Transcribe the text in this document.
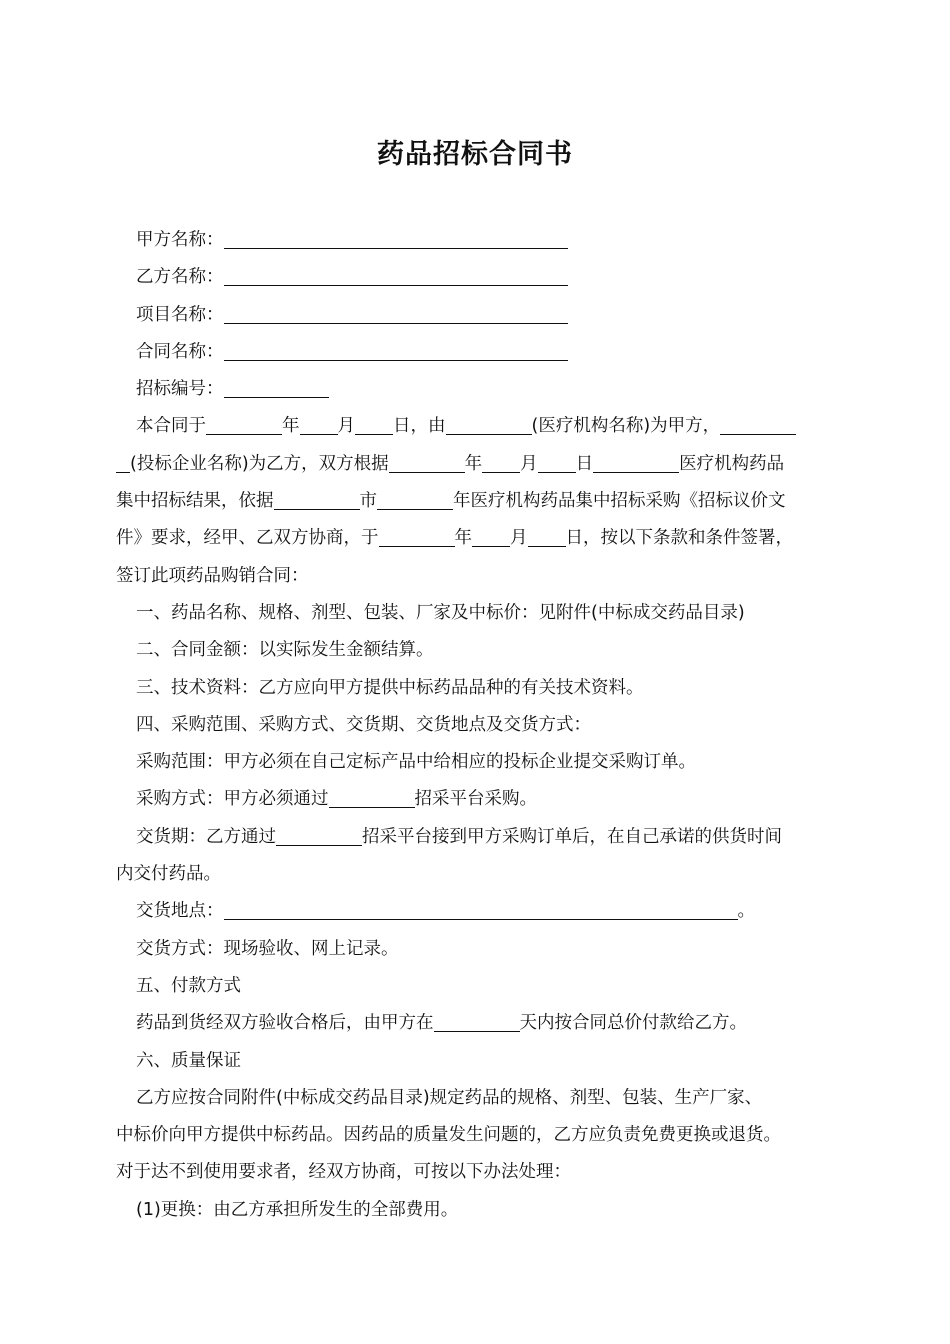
药品招标合同书
甲方名称：
乙方名称：
项目名称：
合同名称：
招标编号：
本合同于	年 月 日，由	(医疗机构名称)为甲方，
(投标企业名称)为乙方，双方根据	年 月 日	医疗机构药品
集中招标结果，依据	市	年医疗机构药品集中招标采购《招标议价文
件》要求，经甲、乙双方协商，于	年 月 日，按以下条款和条件签署，
签订此项药品购销合同：
一、药品名称、规格、剂型、包装、厂家及中标价：见附件(中标成交药品目录)
二、合同金额：以实际发生金额结算。
三、技术资料：乙方应向甲方提供中标药品品种的有关技术资料。
四、采购范围、采购方式、交货期、交货地点及交货方式：
采购范围：甲方必须在自己定标产品中给相应的投标企业提交采购订单。
采购方式：甲方必须通过	招采平台采购。
交货期：乙方通过	招采平台接到甲方采购订单后，在自己承诺的供货时间
内交付药品。
交货地点：	。
交货方式：现场验收、网上记录。
五、付款方式
药品到货经双方验收合格后，由甲方在	天内按合同总价付款给乙方。
六、质量保证
乙方应按合同附件(中标成交药品目录)规定药品的规格、剂型、包装、生产厂家、
中标价向甲方提供中标药品。因药品的质量发生问题的，乙方应负责免费更换或退货。
对于达不到使用要求者，经双方协商，可按以下办法处理：
(1)更换：由乙方承担所发生的全部费用。
